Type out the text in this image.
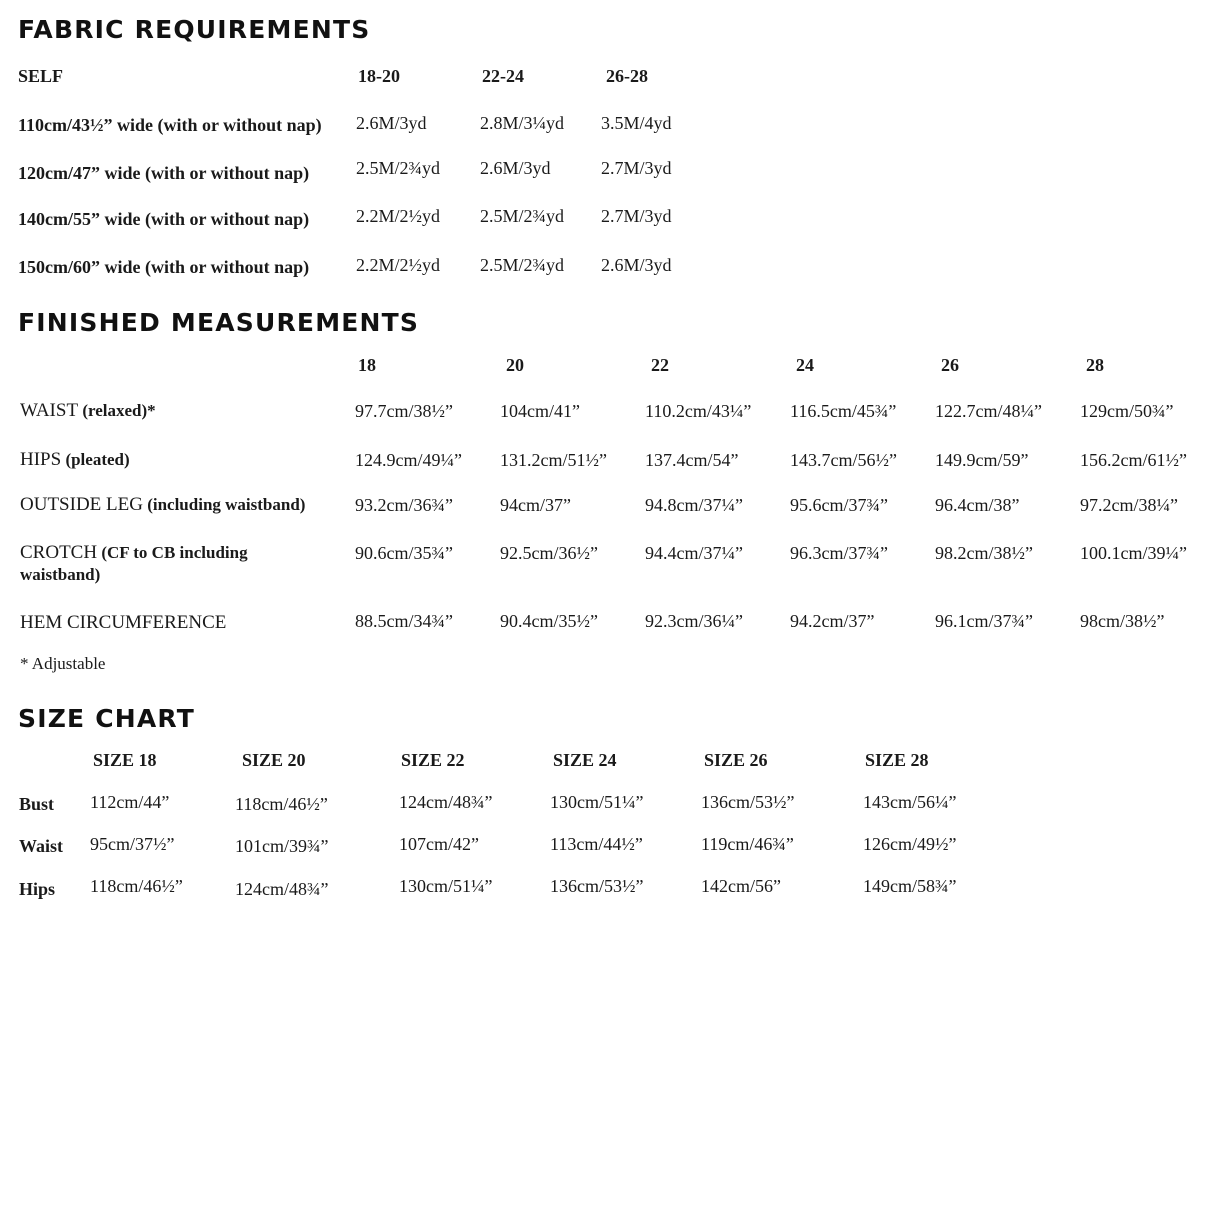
FABRIC REQUIREMENTS
SELF	18-20	22-24	26-28
110cm/43½” wide (with or without nap) 2.6M/3yd	2.8M/3¼yd 3.5M/4yd
120cm/47” wide (with or without nap)	2.5M/2¾yd 2.6M/3yd	2.7M/3yd
140cm/55” wide (with or without nap)	2.2M/2½yd 2.5M/2¾yd 2.7M/3yd
150cm/60” wide (with or without nap)	2.2M/2½yd 2.5M/2¾yd 2.6M/3yd
FINISHED MEASUREMENTS
18	20	22	24	26	28
WAIST (relaxed)*	97.7cm/38½”	104cm/41”	110.2cm/43¼” 116.5cm/45¾” 122.7cm/48¼” 129cm/50¾”
HIPS (pleated)	124.9cm/49¼” 131.2cm/51½” 137.4cm/54”	143.7cm/56½” 149.9cm/59”	156.2cm/61½”
OUTSIDE LEG (including waistband)	93.2cm/36¾”	94cm/37”	94.8cm/37¼”	95.6cm/37¾”	96.4cm/38”	97.2cm/38¼”
CROTCH (CF to CB including
waistband)
90.6cm/35¾”	92.5cm/36½”	94.4cm/37¼”	96.3cm/37¾”	98.2cm/38½”	100.1cm/39¼”
HEM CIRCUMFERENCE	88.5cm/34¾”	90.4cm/35½”	92.3cm/36¼”	94.2cm/37”	96.1cm/37¾”	98cm/38½”
* Adjustable
SIZE CHART
SIZE 18	SIZE 20	SIZE 22	SIZE 24	SIZE 26	SIZE 28
Bust 112cm/44”	118cm/46½”	124cm/48¾”	130cm/51¼”	136cm/53½”	143cm/56¼”
Waist 95cm/37½”	101cm/39¾”	107cm/42”	113cm/44½”	119cm/46¾”	126cm/49½”
Hips 118cm/46½”	124cm/48¾”	130cm/51¼”	136cm/53½”	142cm/56”	149cm/58¾”
